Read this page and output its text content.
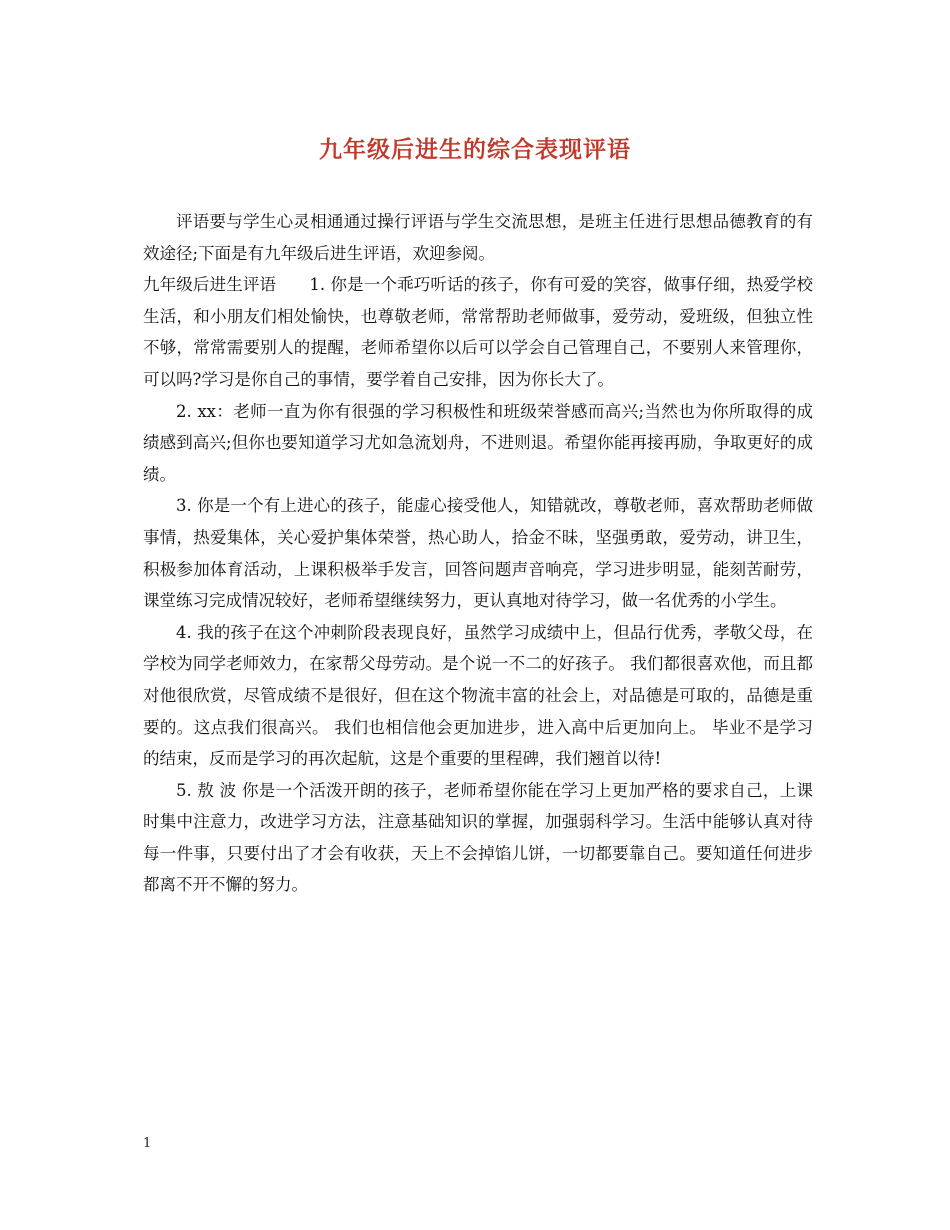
九年级后进生的综合表现评语

评语要与学生心灵相通通过操行评语与学生交流思想，是班主任进行思想品德教育的有效途径;下面是有九年级后进生评语，欢迎参阅。

九年级后进生评语　　1. 你是一个乖巧听话的孩子，你有可爱的笑容，做事仔细，热爱学校生活，和小朋友们相处愉快，也尊敬老师，常常帮助老师做事，爱劳动，爱班级，但独立性不够，常常需要别人的提醒，老师希望你以后可以学会自己管理自己，不要别人来管理你，可以吗?学习是你自己的事情，要学着自己安排，因为你长大了。

2. xx：老师一直为你有很强的学习积极性和班级荣誉感而高兴;当然也为你所取得的成绩感到高兴;但你也要知道学习尤如急流划舟，不进则退。希望你能再接再励，争取更好的成绩。

3. 你是一个有上进心的孩子，能虚心接受他人，知错就改，尊敬老师，喜欢帮助老师做事情，热爱集体，关心爱护集体荣誉，热心助人，拾金不昧，坚强勇敢，爱劳动，讲卫生，积极参加体育活动，上课积极举手发言，回答问题声音响亮，学习进步明显，能刻苦耐劳，课堂练习完成情况较好，老师希望继续努力，更认真地对待学习，做一名优秀的小学生。

4. 我的孩子在这个冲刺阶段表现良好，虽然学习成绩中上，但品行优秀，孝敬父母，在学校为同学老师效力，在家帮父母劳动。是个说一不二的好孩子。 我们都很喜欢他，而且都对他很欣赏，尽管成绩不是很好，但在这个物流丰富的社会上，对品德是可取的，品德是重要的。这点我们很高兴。 我们也相信他会更加进步，进入高中后更加向上。 毕业不是学习的结束，反而是学习的再次起航，这是个重要的里程碑，我们翘首以待!

5. 敖 波 你是一个活泼开朗的孩子，老师希望你能在学习上更加严格的要求自己，上课时集中注意力，改进学习方法，注意基础知识的掌握，加强弱科学习。生活中能够认真对待每一件事，只要付出了才会有收获，天上不会掉馅儿饼，一切都要靠自己。要知道任何进步都离不开不懈的努力。

1
